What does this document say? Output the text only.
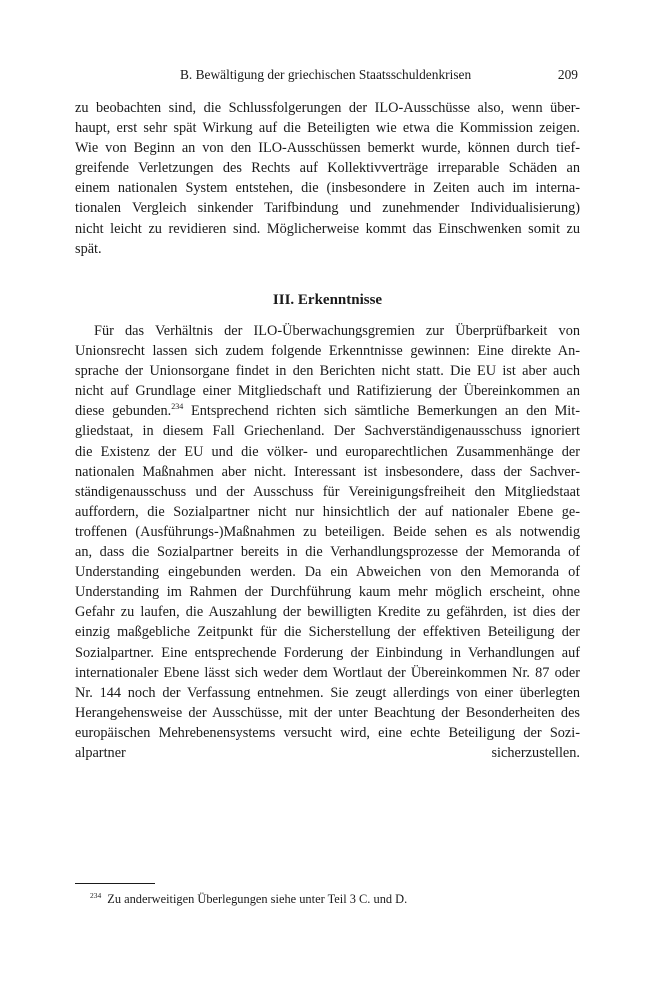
B. Bewältigung der griechischen Staatsschuldenkrisen	209
zu beobachten sind, die Schlussfolgerungen der ILO-Ausschüsse also, wenn über-
haupt, erst sehr spät Wirkung auf die Beteiligten wie etwa die Kommission zeigen.
Wie von Beginn an von den ILO-Ausschüssen bemerkt wurde, können durch tief-
greifende Verletzungen des Rechts auf Kollektivverträge irreparable Schäden an
einem nationalen System entstehen, die (insbesondere in Zeiten auch im interna-
tionalen Vergleich sinkender Tarifbindung und zunehmender Individualisierung)
nicht leicht zu revidieren sind. Möglicherweise kommt das Einschwenken somit zu
spät.
III. Erkenntnisse
Für das Verhältnis der ILO-Überwachungsgremien zur Überprüfbarkeit von
Unionsrecht lassen sich zudem folgende Erkenntnisse gewinnen: Eine direkte An-
sprache der Unionsorgane findet in den Berichten nicht statt. Die EU ist aber auch
nicht auf Grundlage einer Mitgliedschaft und Ratifizierung der Übereinkommen an
diese gebunden.$^{234}$ Entsprechend richten sich sämtliche Bemerkungen an den Mit-
gliedstaat, in diesem Fall Griechenland. Der Sachverständigenausschuss ignoriert
die Existenz der EU und die völker- und europarechtlichen Zusammenhänge der
nationalen Maßnahmen aber nicht. Interessant ist insbesondere, dass der Sachver-
ständigenausschuss und der Ausschuss für Vereinigungsfreiheit den Mitgliedstaat
auffordern, die Sozialpartner nicht nur hinsichtlich der auf nationaler Ebene ge-
troffenen (Ausführungs-)Maßnahmen zu beteiligen. Beide sehen es als notwendig
an, dass die Sozialpartner bereits in die Verhandlungsprozesse der Memoranda of
Understanding eingebunden werden. Da ein Abweichen von den Memoranda of
Understanding im Rahmen der Durchführung kaum mehr möglich erscheint, ohne
Gefahr zu laufen, die Auszahlung der bewilligten Kredite zu gefährden, ist dies der
einzig maßgebliche Zeitpunkt für die Sicherstellung der effektiven Beteiligung der
Sozialpartner. Eine entsprechende Forderung der Einbindung in Verhandlungen auf
internationaler Ebene lässt sich weder dem Wortlaut der Übereinkommen Nr. 87 oder
Nr. 144 noch der Verfassung entnehmen. Sie zeugt allerdings von einer überlegten
Herangehensweise der Ausschüsse, mit der unter Beachtung der Besonderheiten des
europäischen Mehrebenensystems versucht wird, eine echte Beteiligung der Sozi-
alpartner sicherzustellen.
$^{234}$ Zu anderweitigen Überlegungen siehe unter Teil 3 C. und D.
